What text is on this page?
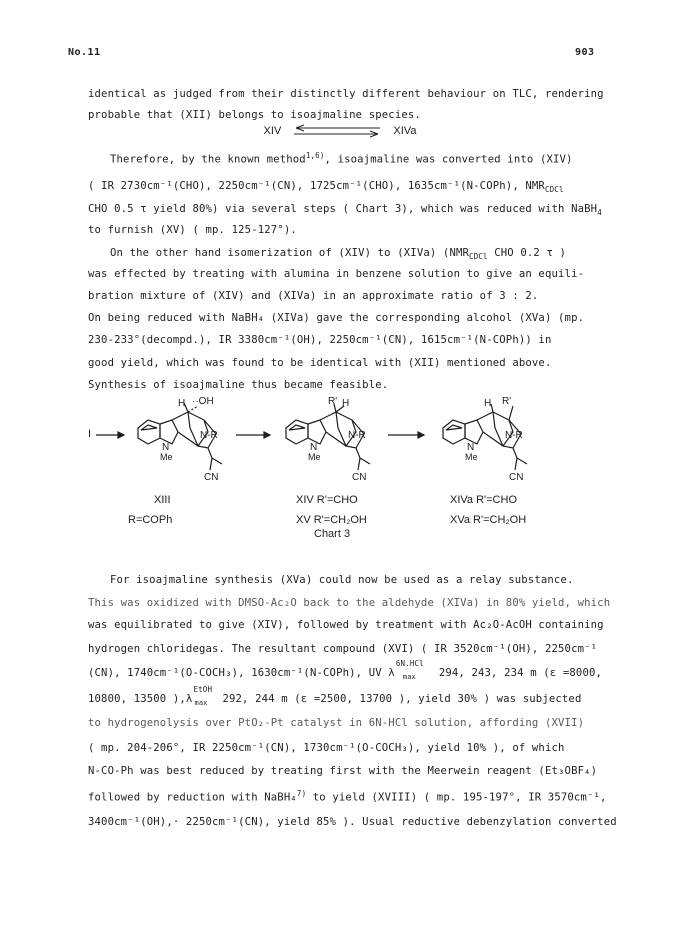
No.11	903
identical as judged from their distinctly different behaviour on TLC, rendering
probable that (XII) belongs to isoajmaline species.
XIV	XIVa
Therefore, by the known method$^{1,6)}$, isoajmaline was converted into (XIV)
( IR 2730cm⁻¹(CHO), 2250cm⁻¹(CN), 1725cm⁻¹(CHO), 1635cm⁻¹(N-COPh), $NMR_{CDCl}$
CHO 0.5 τ yield 80%) via several steps ( Chart 3), which was reduced with NaBH$_4$
to furnish (XV) ( mp. 125-127°).
On the other hand isomerization of (XIV) to (XIVa) ($NMR_{CDCl}$ CHO 0.2 τ )
was effected by treating with alumina in benzene solution to give an equili-
bration mixture of (XIV) and (XIVa) in an approximate ratio of 3 : 2.
On being reduced with NaBH₄ (XIVa) gave the corresponding alcohol (XVa) (mp.
230-233°(decompd.), IR 3380cm⁻¹(OH), 2250cm⁻¹(CN), 1615cm⁻¹(N-COPh)) in
good yield, which was found to be identical with (XII) mentioned above.
Synthesis of isoajmaline thus became feasible.
I
H ··OH
N
N-R
Me
CN
R' H
N
N-R
Me
CN
H R'
N
N-R
Me
CN
XIII
R=COPh
XIV R'=CHO
XV R'=CH₂OH
Chart 3
XIVa R'=CHO
XVa R'=CH₂OH
For isoajmaline synthesis (XVa) could now be used as a relay substance.
This was oxidized with DMSO-Ac₂O back to the aldehyde (XIVa) in 80% yield, which
was equilibrated to give (XIV), followed by treatment with Ac₂O-AcOH containing
hydrogen chloridegas. The resultant compound (XVI) ( IR 3520cm⁻¹(OH), 2250cm⁻¹
(CN), 1740cm⁻¹(O-COCH₃), 1630cm⁻¹(N-COPh), UV λ
6N.HCl
max 294, 243, 234 m (ε =8000,
10800, 13500 ),λ
EtOH
max 292, 244 m (ε =2500, 13700 ), yield 30% ) was subjected
to hydrogenolysis over PtO₂-Pt catalyst in 6N-HCl solution, affording (XVII)
( mp. 204-206°, IR 2250cm⁻¹(CN), 1730cm⁻¹(O-COCH₃), yield 10% ), of which
N-CO-Ph was best reduced by treating first with the Meerwein reagent (Et₃OBF₄)
followed by reduction with NaBH₄$^{7)}$ to yield (XVIII) ( mp. 195-197°, IR 3570cm⁻¹,
3400cm⁻¹(OH),· 2250cm⁻¹(CN), yield 85% ). Usual reductive debenzylation converted
